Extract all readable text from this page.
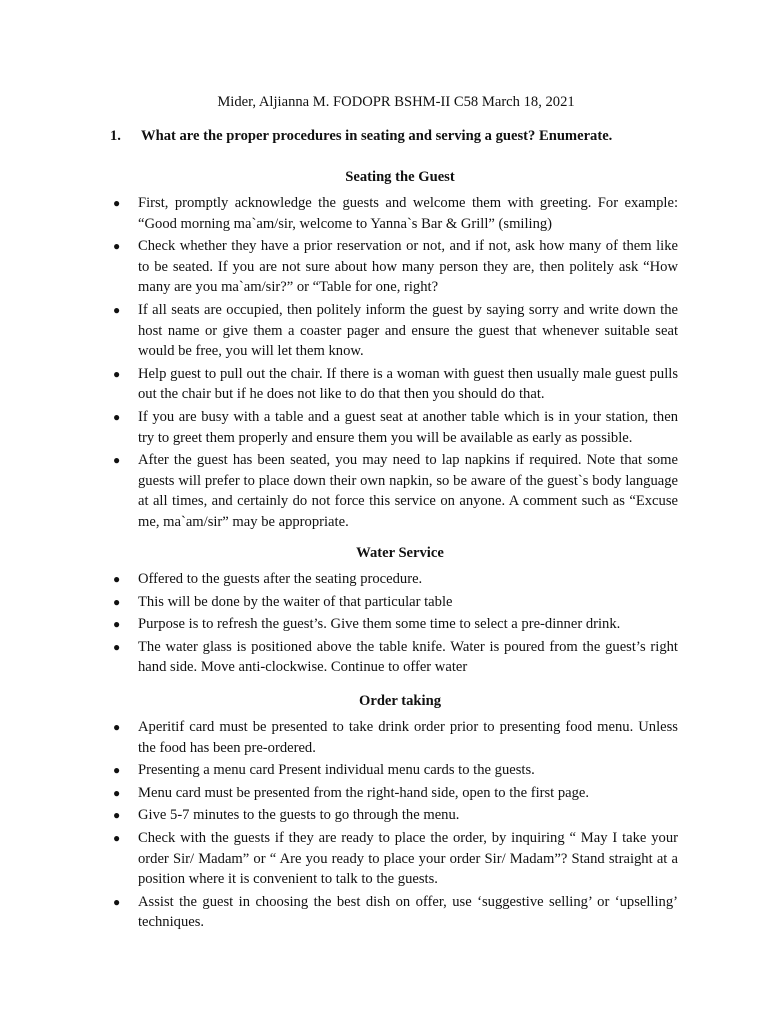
Mider, Aljianna M. FODOPR BSHM-II C58 March 18, 2021
1. What are the proper procedures in seating and serving a guest? Enumerate.
Seating the Guest
● First, promptly acknowledge the guests and welcome them with greeting. For example: “Good morning ma`am/sir, welcome to Yanna`s Bar & Grill” (smiling)
● Check whether they have a prior reservation or not, and if not, ask how many of them like to be seated. If you are not sure about how many person they are, then politely ask “How many are you ma`am/sir?” or “Table for one, right?
● If all seats are occupied, then politely inform the guest by saying sorry and write down the host name or give them a coaster pager and ensure the guest that whenever suitable seat would be free, you will let them know.
● Help guest to pull out the chair. If there is a woman with guest then usually male guest pulls out the chair but if he does not like to do that then you should do that.
● If you are busy with a table and a guest seat at another table which is in your station, then try to greet them properly and ensure them you will be available as early as possible.
● After the guest has been seated, you may need to lap napkins if required. Note that some guests will prefer to place down their own napkin, so be aware of the guest`s body language at all times, and certainly do not force this service on anyone. A comment such as “Excuse me, ma`am/sir” may be appropriate.
Water Service
● Offered to the guests after the seating procedure.
● This will be done by the waiter of that particular table
● Purpose is to refresh the guest’s. Give them some time to select a pre-dinner drink.
● The water glass is positioned above the table knife. Water is poured from the guest’s right hand side. Move anti-clockwise. Continue to offer water
Order taking
● Aperitif card must be presented to take drink order prior to presenting food menu. Unless the food has been pre-ordered.
● Presenting a menu card Present individual menu cards to the guests.
● Menu card must be presented from the right-hand side, open to the first page.
● Give 5-7 minutes to the guests to go through the menu.
● Check with the guests if they are ready to place the order, by inquiring “ May I take your order Sir/ Madam” or “ Are you ready to place your order Sir/ Madam”? Stand straight at a position where it is convenient to talk to the guests.
● Assist the guest in choosing the best dish on offer, use ‘suggestive selling’ or ‘upselling’ techniques.
